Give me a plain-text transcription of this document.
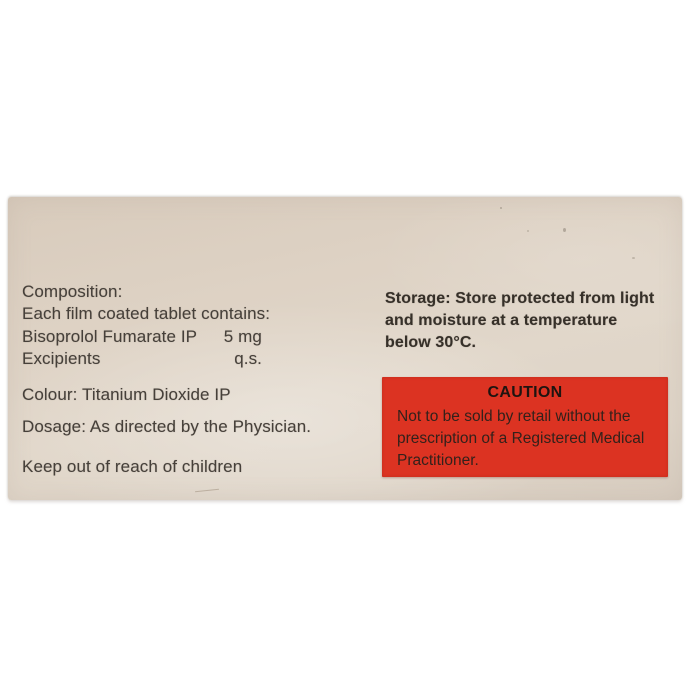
Composition:
Each film coated tablet contains:
Bisoprolol Fumarate IP	5 mg
Excipients	q.s.
Colour: Titanium Dioxide IP
Dosage: As directed by the Physician.
Keep out of reach of children
Storage: Store protected from light
and moisture at a temperature
below 30°C.
CAUTION
Not to be sold by retail without the
prescription of a Registered Medical
Practitioner.
